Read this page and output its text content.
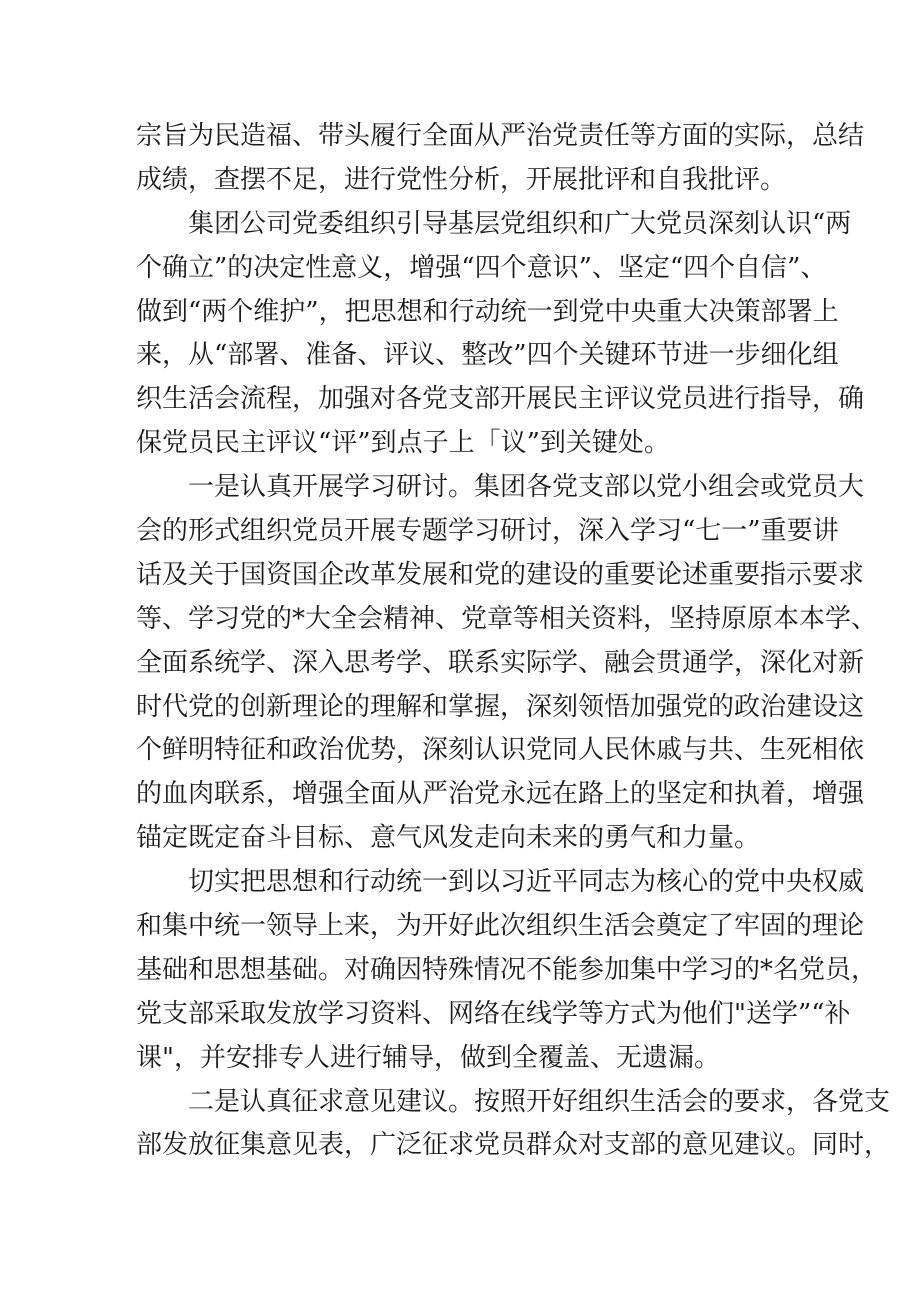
宗旨为民造福、带头履行全面从严治党责任等方面的实际，总结
成绩，查摆不足，进行党性分析，开展批评和自我批评。
集团公司党委组织引导基层党组织和广大党员深刻认识“两
个确立”的决定性意义，增强“四个意识”、坚定“四个自信”、
做到“两个维护”，把思想和行动统一到党中央重大决策部署上
来，从“部署、准备、评议、整改”四个关键环节进一步细化组
织生活会流程，加强对各党支部开展民主评议党员进行指导，确
保党员民主评议“评”到点子上「议”到关键处。
一是认真开展学习研讨。集团各党支部以党小组会或党员大
会的形式组织党员开展专题学习研讨，深入学习“七一”重要讲
话及关于国资国企改革发展和党的建设的重要论述重要指示要求
等、学习党的*大全会精神、党章等相关资料，坚持原原本本学、
全面系统学、深入思考学、联系实际学、融会贯通学，深化对新
时代党的创新理论的理解和掌握，深刻领悟加强党的政治建设这
个鲜明特征和政治优势，深刻认识党同人民休戚与共、生死相依
的血肉联系，增强全面从严治党永远在路上的坚定和执着，增强
锚定既定奋斗目标、意气风发走向未来的勇气和力量。
切实把思想和行动统一到以习近平同志为核心的党中央权威
和集中统一领导上来，为开好此次组织生活会奠定了牢固的理论
基础和思想基础。对确因特殊情况不能参加集中学习的*名党员，
党支部采取发放学习资料、网络在线学等方式为他们"送学”“补
课"，并安排专人进行辅导，做到全覆盖、无遗漏。
二是认真征求意见建议。按照开好组织生活会的要求，各党支
部发放征集意见表，广泛征求党员群众对支部的意见建议。同时，
